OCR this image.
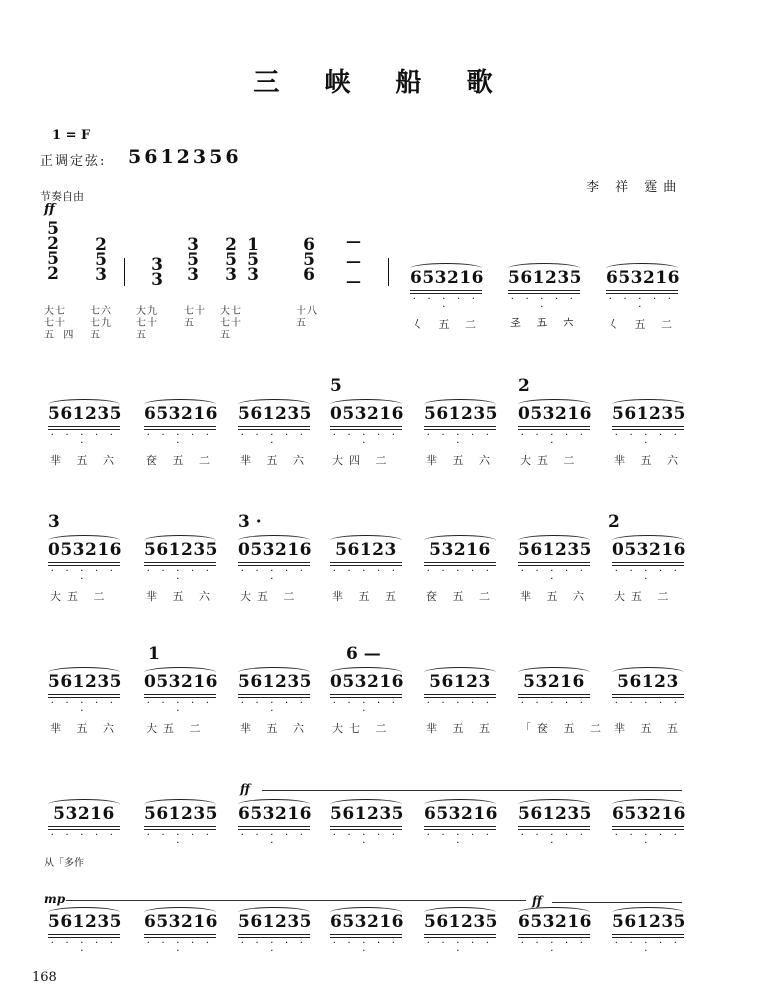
三 峡 船 歌
1 = F
正调定弦: 5612356
李 祥 霆曲
节奏自由
ff
168
5
2
5
2
2
5
3	3
3
3
5
3
2
5
3
1
5
3
6
5
6
—
—
—
大七
七十
五  四
七六
七九
五
大九
七十
五
七十
五
大七
七十
五
十八
五
653216
· · · · · ·
561235
· · · · · ·
653216
· · · · · ·
𡿨 五 二	𢀖 五 六	𡿨 五 二
561235
· · · · · ·
653216
· · · · · ·
561235
· · · · · ·
053216
· · · · · ·
561235
· · · · · ·
053216
· · · · · ·
561235
· · · · · ·
5	2
芈 五 六 奁 五 二 芈 五 六 大四 二	芈 五 六 大五 二	芈 五 六
053216
· · · · · ·
561235
· · · · · ·
053216
· · · · · ·
56123
· · · · ·
53216
· · · · ·
561235
· · · · · ·
053216
· · · · · ·
3	3 ·	2
大五 二	芈 五 六 大五 二	芈 五 五 奁 五 二 芈 五 六 大五 二
561235
· · · · · ·
053216
· · · · · ·
561235
· · · · · ·
053216
· · · · · ·
56123
· · · · ·
53216
· · · · ·
56123
· · · · ·
1	6 —
芈 五 六 大五 二	芈 五 六 大七 二	芈 五 五 「奁 五 二 芈 五 五
53216
· · · · ·
561235
· · · · · ·
653216
· · · · · ·
561235
· · · · · ·
653216
· · · · · ·
561235
· · · · · ·
653216
· · · · · ·
ff
从「多作
561235
· · · · · ·
653216
· · · · · ·
561235
· · · · · ·
653216
· · · · · ·
561235
· · · · · ·
653216
· · · · · ·
561235
· · · · · ·
mp	ff
